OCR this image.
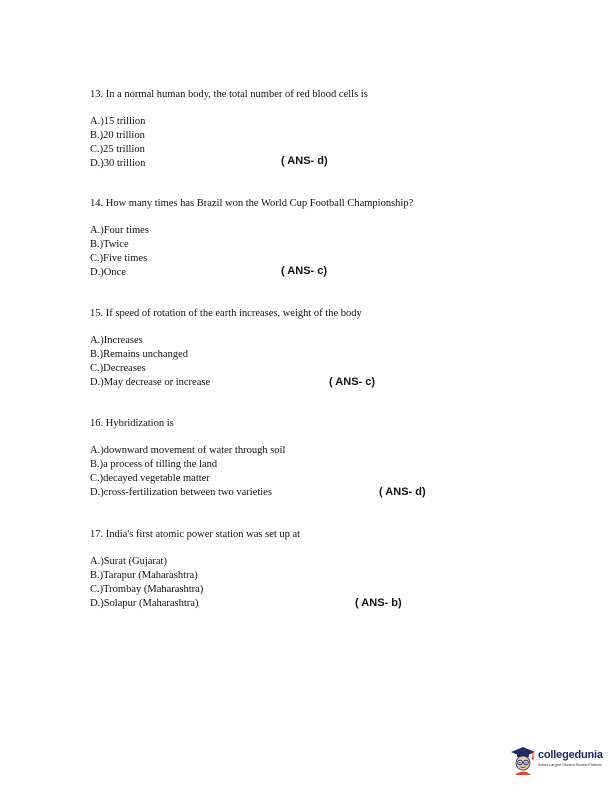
13. In a normal human body, the total number of red blood cells is
A.)15 trillion
B.)20 trillion
C.)25 trillion
D.)30 trillion	( ANS- d)
14. How many times has Brazil won the World Cup Football Championship?
A.)Four times
B.)Twice
C.)Five times
D.)Once	( ANS- c)
15. If speed of rotation of the earth increases, weight of the body
A.)Increases
B.)Remains unchanged
C.)Decreases
D.)May decrease or increase	( ANS- c)
16. Hybridization is
A.)downward movement of water through soil
B.)a process of tilling the land
C.)decayed vegetable matter
D.)cross-fertilization between two varieties	( ANS- d)
17. India's first atomic power station was set up at
A.)Surat (Gujarat)
B.)Tarapur (Maharashtra)
C.)Trombay (Maharashtra)
D.)Solapur (Maharashtra)	( ANS- b)
collegedunia
India's Largest Student Review Platform
